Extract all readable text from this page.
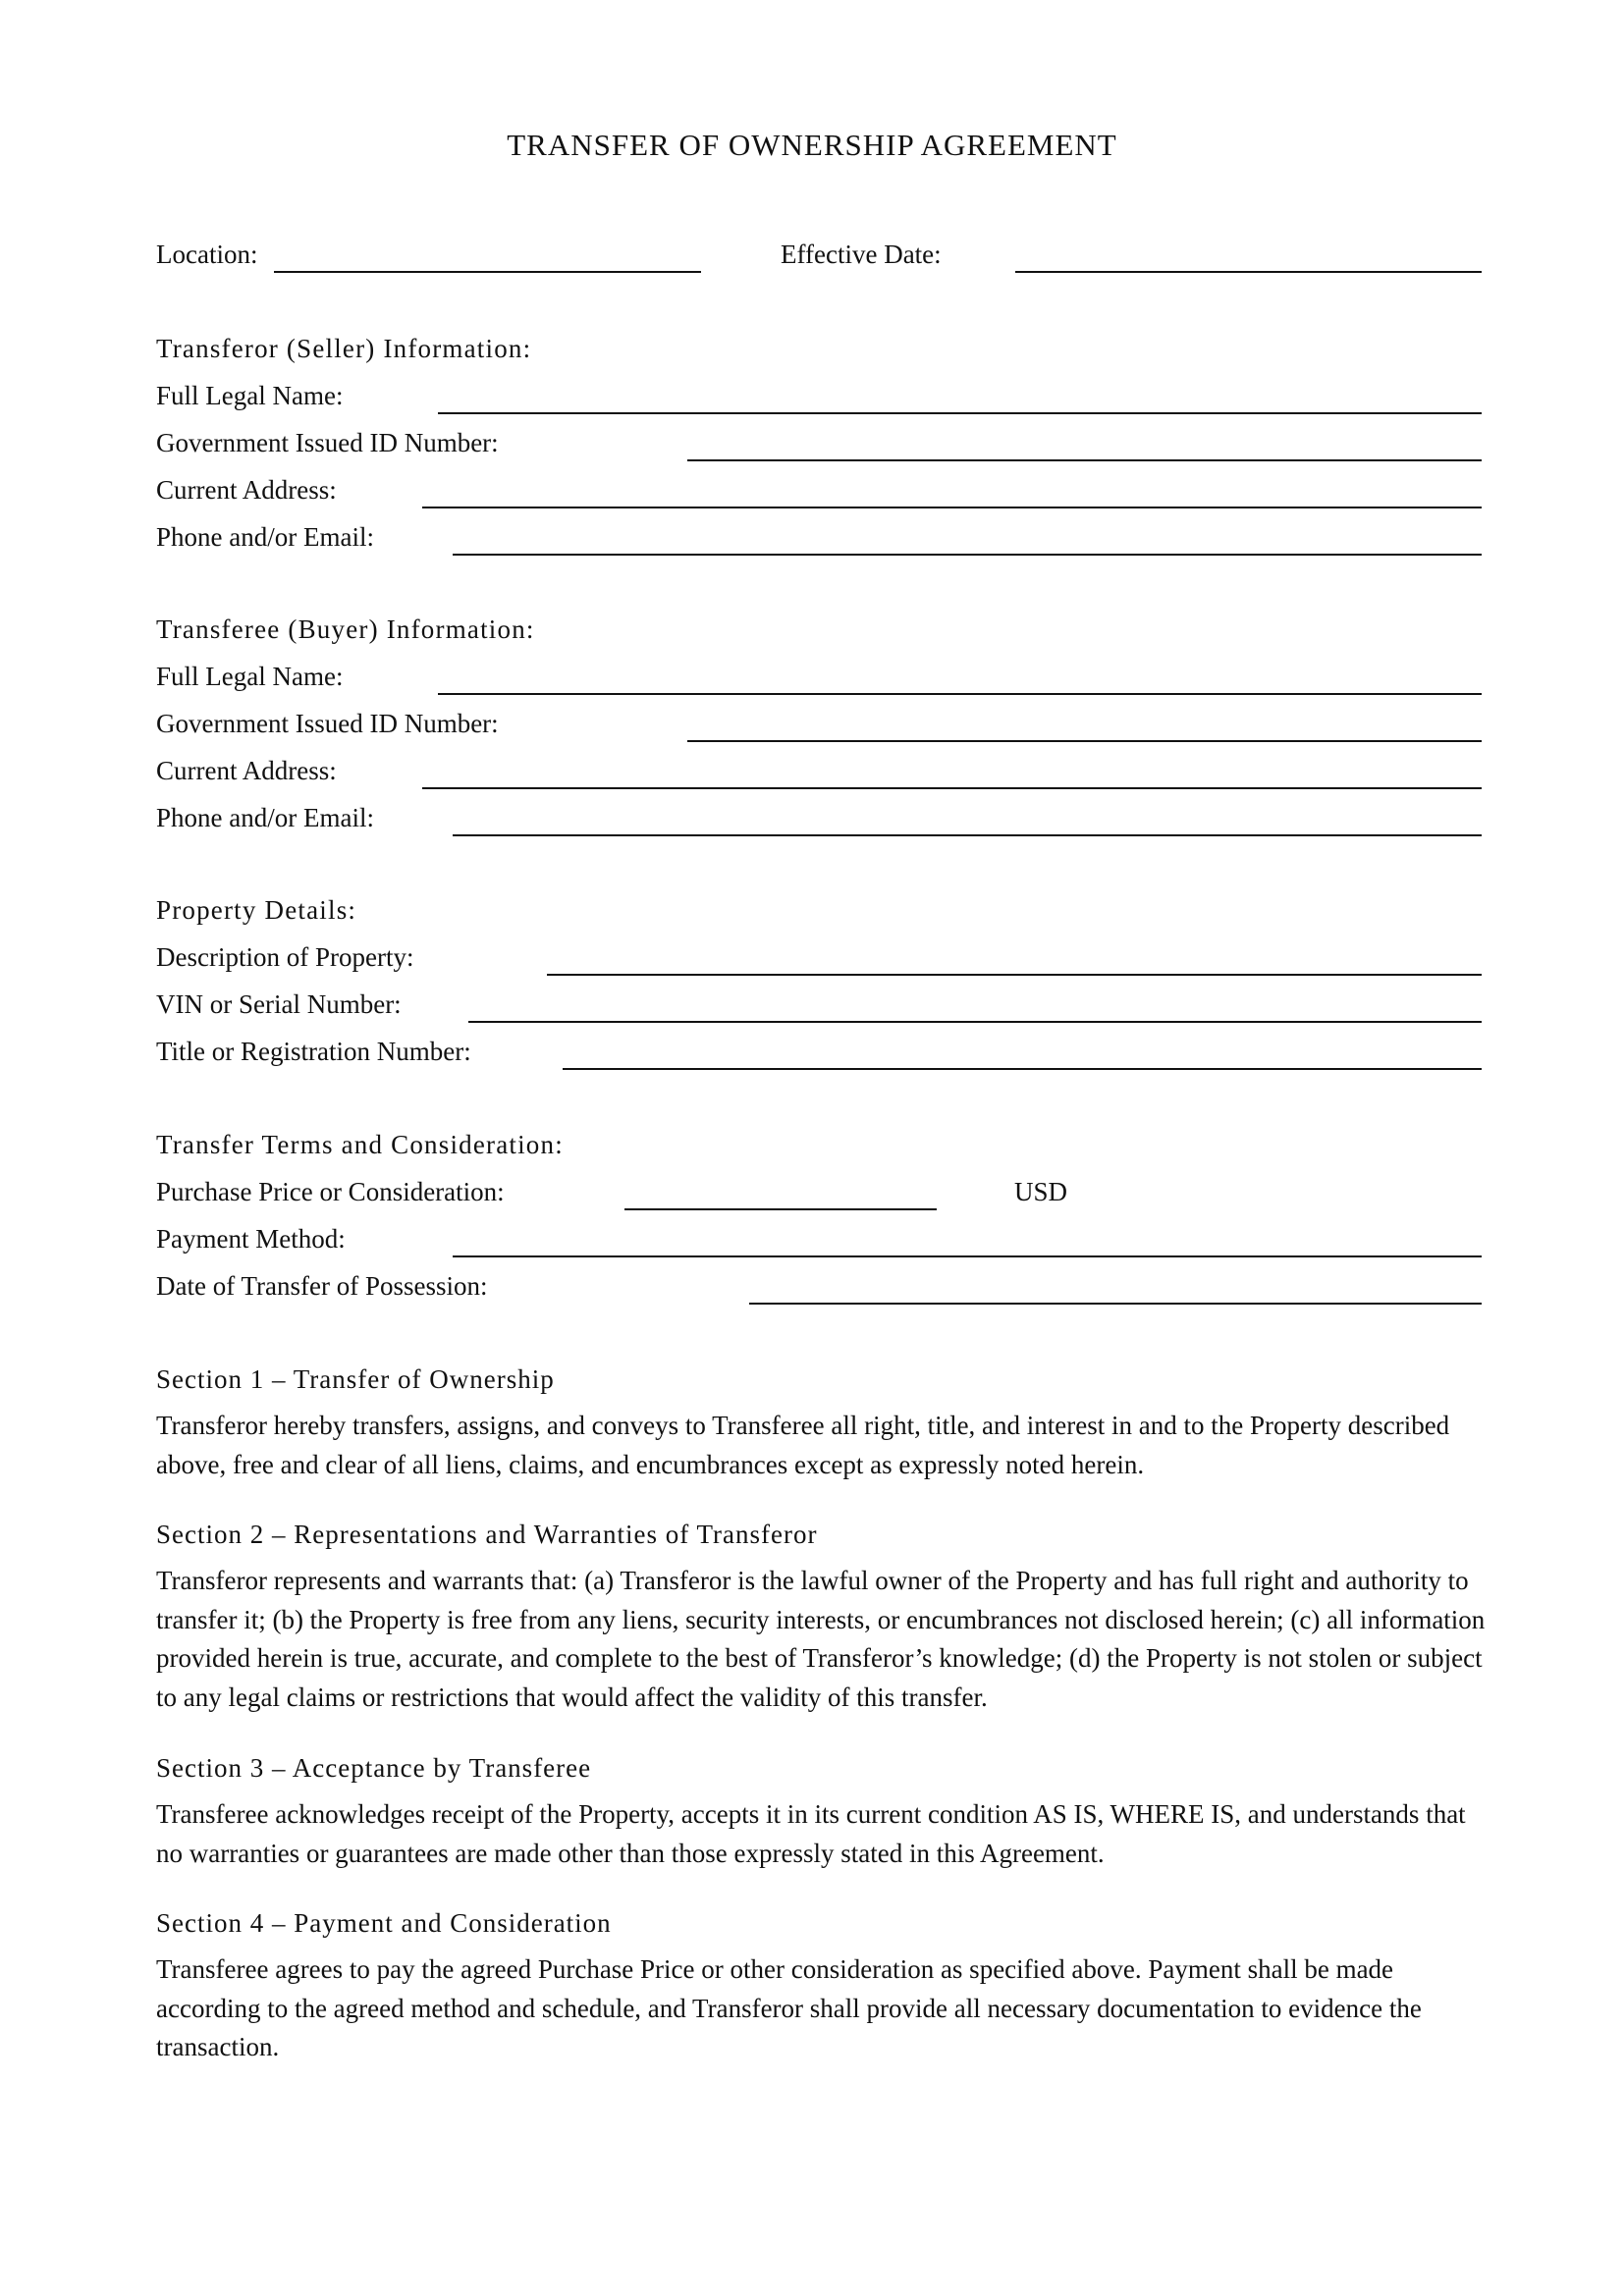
TRANSFER OF OWNERSHIP AGREEMENT
Location:	Effective Date:
Transferor (Seller) Information:
Full Legal Name:
Government Issued ID Number:
Current Address:
Phone and/or Email:
Transferee (Buyer) Information:
Full Legal Name:
Government Issued ID Number:
Current Address:
Phone and/or Email:
Property Details:
Description of Property:
VIN or Serial Number:
Title or Registration Number:
Transfer Terms and Consideration:
Purchase Price or Consideration:	USD
Payment Method:
Date of Transfer of Possession:
Section 1 – Transfer of Ownership
Transferor hereby transfers, assigns, and conveys to Transferee all right, title, and interest in and to the Property described above, free and clear of all liens, claims, and encumbrances except as expressly noted herein.
Section 2 – Representations and Warranties of Transferor
Transferor represents and warrants that: (a) Transferor is the lawful owner of the Property and has full right and authority to transfer it; (b) the Property is free from any liens, security interests, or encumbrances not disclosed herein; (c) all information provided herein is true, accurate, and complete to the best of Transferor’s knowledge; (d) the Property is not stolen or subject to any legal claims or restrictions that would affect the validity of this transfer.
Section 3 – Acceptance by Transferee
Transferee acknowledges receipt of the Property, accepts it in its current condition AS IS, WHERE IS, and understands that no warranties or guarantees are made other than those expressly stated in this Agreement.
Section 4 – Payment and Consideration
Transferee agrees to pay the agreed Purchase Price or other consideration as specified above. Payment shall be made according to the agreed method and schedule, and Transferor shall provide all necessary documentation to evidence the transaction.
